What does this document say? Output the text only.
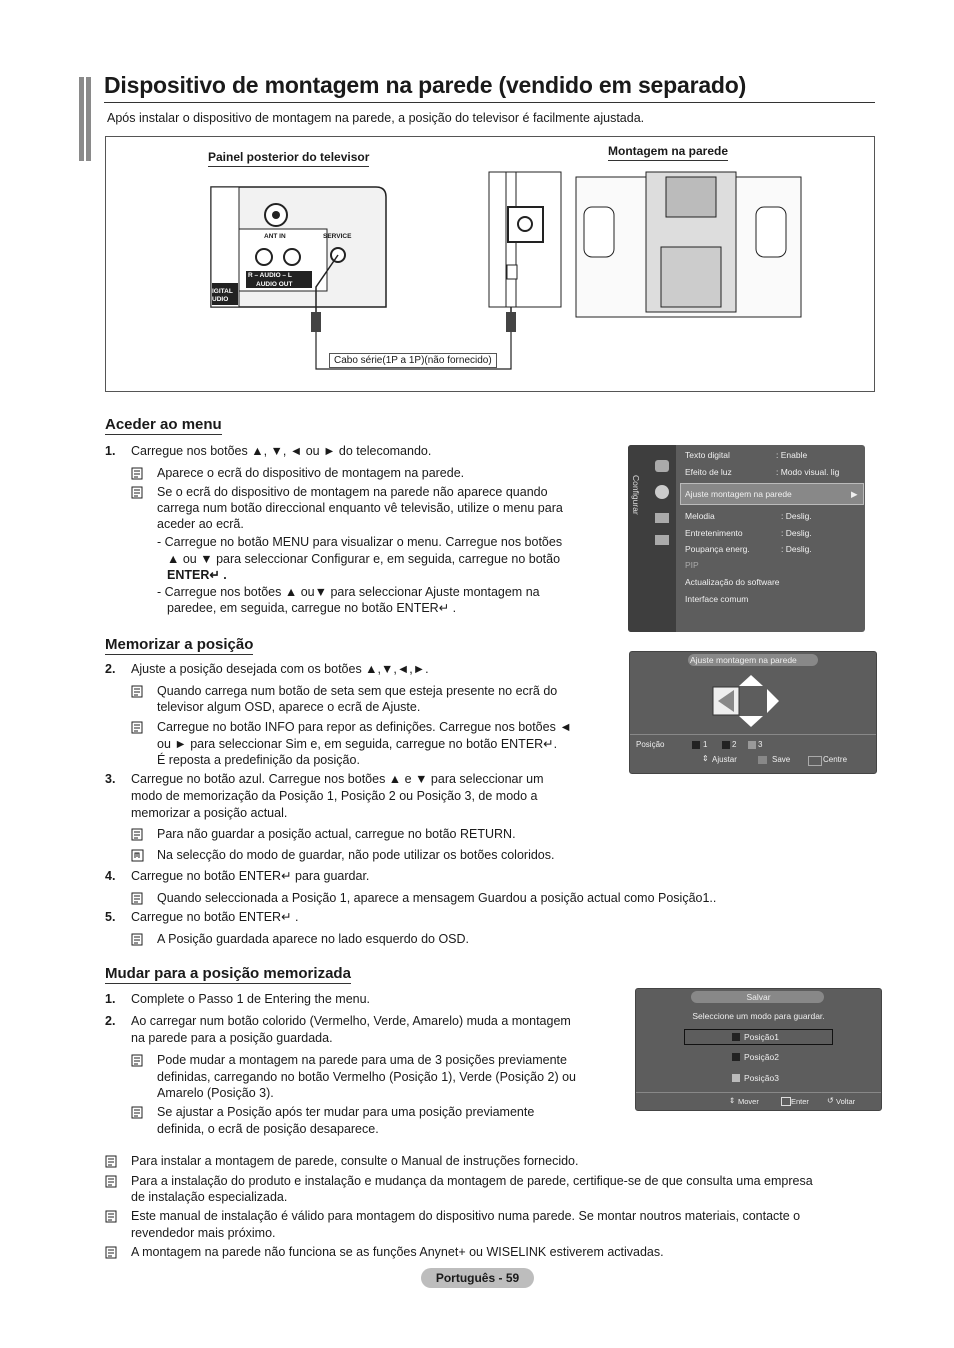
Dispositivo de montagem na parede (vendido em separado)
Após instalar o dispositivo de montagem na parede, a posição do televisor é facilmente ajustada.
Painel posterior do televisor	Montagem na parede
ANT IN	SERVICE
R – AUDIO – L
AUDIO OUT
IGITAL
UDIO
Cabo série(1P a 1P)(não fornecido)
Aceder ao menu
1. Carregue nos botões ▲, ▼, ◄ ou ► do telecomando.
Aparece o ecrã do dispositivo de montagem na parede.
Se o ecrã do dispositivo de montagem na parede não aparece quando
carrega num botão direccional enquanto vê televisão, utilize o menu para
aceder ao ecrã.
- Carregue no botão MENU para visualizar o menu. Carregue nos botões
▲ ou ▼ para seleccionar Configurar e, em seguida, carregue no botão
ENTER↵ .
- Carregue nos botões ▲ ou▼ para seleccionar Ajuste montagem na
paredee, em seguida, carregue no botão ENTER↵ .
Configurar
Texto digital	: Enable
Efeito de luz	: Modo visual. lig
Ajuste montagem na parede	▶
Melodia	: Deslig.
Entretenimento	: Deslig.
Poupança energ.	: Deslig.
PIP
Actualização do software
Interface comum
Memorizar a posição
2. Ajuste a posição desejada com os botões ▲,▼,◄,►.
Quando carrega num botão de seta sem que esteja presente no ecrã do
televisor algum OSD, aparece o ecrã de Ajuste.
Carregue no botão INFO para repor as definições. Carregue nos botões ◄
ou ► para seleccionar Sim e, em seguida, carregue no botão ENTER↵.
É reposta a predefinição da posição.
3. Carregue no botão azul. Carregue nos botões ▲ e ▼ para seleccionar um
modo de memorização da Posição 1, Posição 2 ou Posição 3, de modo a
memorizar a posição actual.
Para não guardar a posição actual, carregue no botão RETURN.
Na selecção do modo de guardar, não pode utilizar os botões coloridos.
4. Carregue no botão ENTER↵ para guardar.
Quando seleccionada a Posição 1, aparece a mensagem Guardou a posição actual como Posição1..
5. Carregue no botão ENTER↵ .
A Posição guardada aparece no lado esquerdo do OSD.
Ajuste montagem na parede
Posição	1	2	3
⇕ Ajustar	Save	Centre
Mudar para a posição memorizada
1. Complete o Passo 1 de Entering the menu.
2. Ao carregar num botão colorido (Vermelho, Verde, Amarelo) muda a montagem
na parede para a posição guardada.
Pode mudar a montagem na parede para uma de 3 posições previamente
definidas, carregando no botão Vermelho (Posição 1), Verde (Posição 2) ou
Amarelo (Posição 3).
Se ajustar a Posição após ter mudar para uma posição previamente
definida, o ecrã de posição desaparece.
Salvar
Seleccione um modo para guardar.
Posição1
Posição2
Posição3
⇕ Mover	Enter ↺ Voltar
Para instalar a montagem de parede, consulte o Manual de instruções fornecido.
Para a instalação do produto e instalação e mudança da montagem de parede, certifique-se de que consulta uma empresa
de instalação especializada.
Este manual de instalação é válido para montagem do dispositivo numa parede. Se montar noutros materiais, contacte o
revendedor mais próximo.
A montagem na parede não funciona se as funções Anynet+ ou WISELINK estiverem activadas.
Português - 59
